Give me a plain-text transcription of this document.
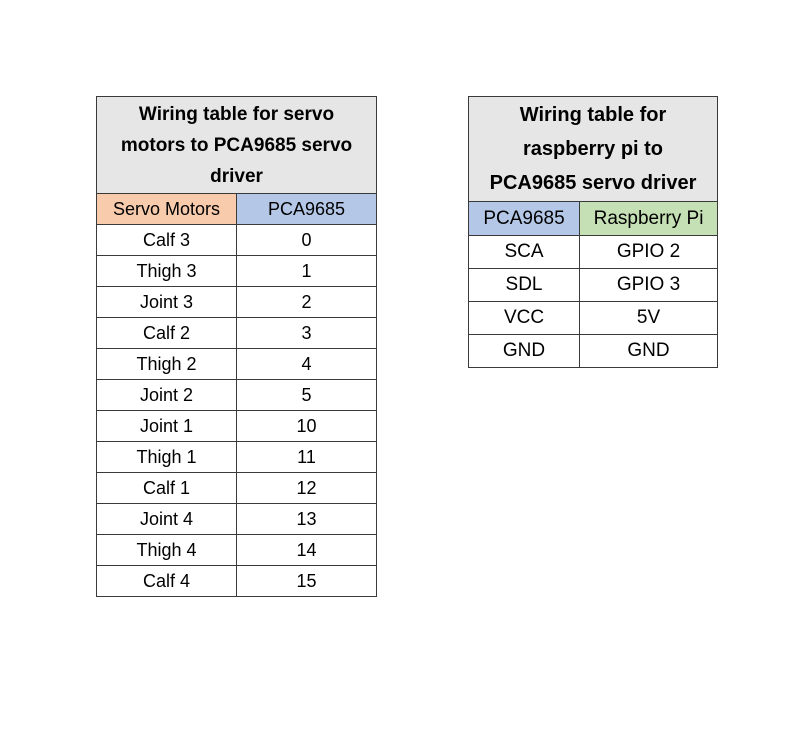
Wiring table for servo
motors to PCA9685 servo
driver	
Servo Motors	PCA9685
Calf 3	0
Thigh 3	1
Joint 3	2
Calf 2	3
Thigh 2	4
Joint 2	5
Joint 1	10
Thigh 1	11
Calf 1	12
Joint 4	13
Thigh 4	14
Calf 4	15
Wiring table for
raspberry pi to
PCA9685 servo driver	
PCA9685	Raspberry Pi
SCA	GPIO 2
SDL	GPIO 3
VCC	5V
GND	GND
